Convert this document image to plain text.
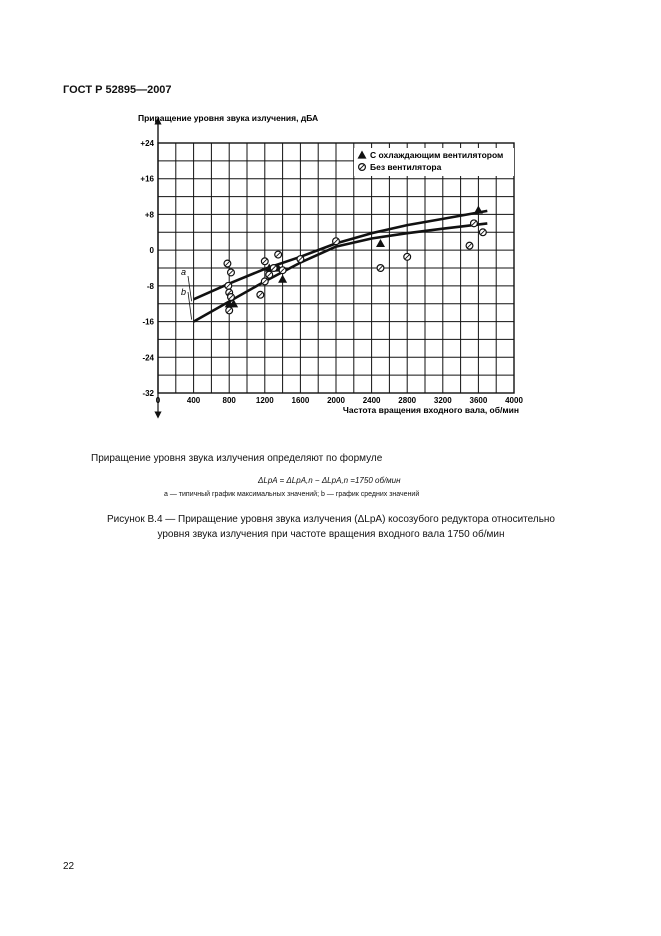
ГОСТ Р 52895—2007
0	400	800	1200 1600 2000 2400 2800 3200 3600 4000
+24
+16
+8
0
-8
-16
-24
-32
С охлаждающим вентилятором
Без вентилятора
Приращение уровня звука излучения, дБА
Частота вращения входного вала, об/мин
a
b
Приращение уровня звука излучения определяют по формуле
ΔLpA = ΔLpA,n − ΔLpA,n =1750 об/мин
a — типичный график максимальных значений; b — график средних значений
Рисунок В.4 — Приращение уровня звука излучения (ΔLpA) косозубого редуктора относительно уровня звука излучения при частоте вращения входного вала 1750 об/мин
22
